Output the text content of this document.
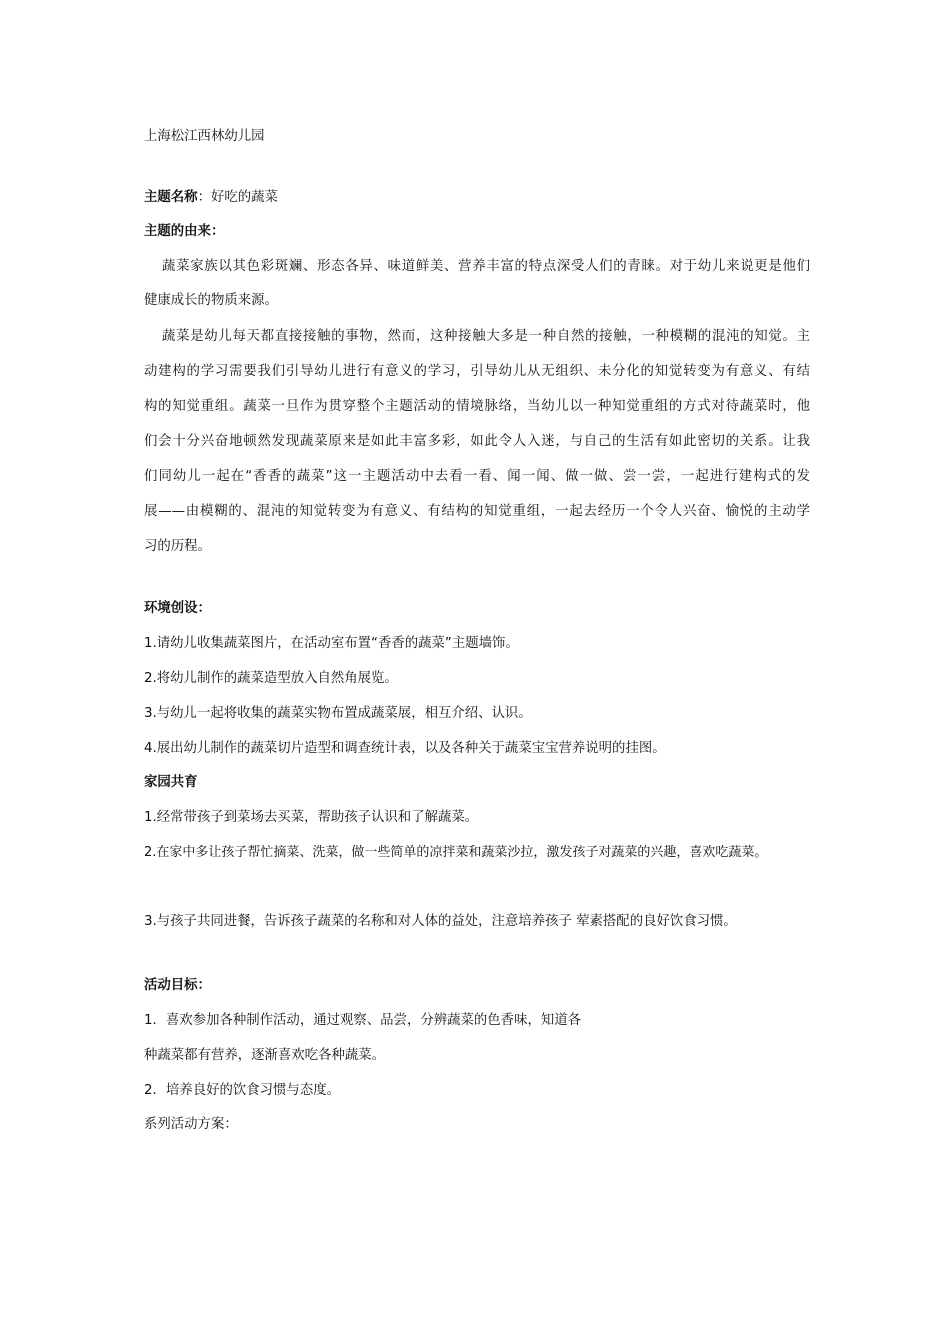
上海松江西林幼儿园
主题名称：好吃的蔬菜
主题的由来：
蔬菜家族以其色彩斑斓、形态各异、味道鲜美、营养丰富的特点深受人们的青睐。对于幼儿来说更是他们
健康成长的物质来源。
蔬菜是幼儿每天都直接接触的事物，然而，这种接触大多是一种自然的接触，一种模糊的混沌的知觉。主
动建构的学习需要我们引导幼儿进行有意义的学习，引导幼儿从无组织、未分化的知觉转变为有意义、有结
构的知觉重组。蔬菜一旦作为贯穿整个主题活动的情境脉络，当幼儿以一种知觉重组的方式对待蔬菜时，他
们会十分兴奋地顿然发现蔬菜原来是如此丰富多彩，如此令人入迷，与自己的生活有如此密切的关系。让我
们同幼儿一起在“香香的蔬菜”这一主题活动中去看一看、闻一闻、做一做、尝一尝，一起进行建构式的发
展——由模糊的、混沌的知觉转变为有意义、有结构的知觉重组，一起去经历一个令人兴奋、愉悦的主动学
习的历程。
环境创设：
1.请幼儿收集蔬菜图片，在活动室布置“香香的蔬菜”主题墙饰。
2.将幼儿制作的蔬菜造型放入自然角展览。
3.与幼儿一起将收集的蔬菜实物布置成蔬菜展，相互介绍、认识。
4.展出幼儿制作的蔬菜切片造型和调查统计表，以及各种关于蔬菜宝宝营养说明的挂图。
家园共育
1.经常带孩子到菜场去买菜，帮助孩子认识和了解蔬菜。
2.在家中多让孩子帮忙摘菜、洗菜，做一些简单的凉拌菜和蔬菜沙拉，激发孩子对蔬菜的兴趣，喜欢吃蔬菜。
3.与孩子共同进餐，告诉孩子蔬菜的名称和对人体的益处，注意培养孩子 荤素搭配的良好饮食习惯。
活动目标：
1．喜欢参加各种制作活动，通过观察、品尝，分辨蔬菜的色香味，知道各
种蔬菜都有营养，逐渐喜欢吃各种蔬菜。
2．培养良好的饮食习惯与态度。
系列活动方案：
